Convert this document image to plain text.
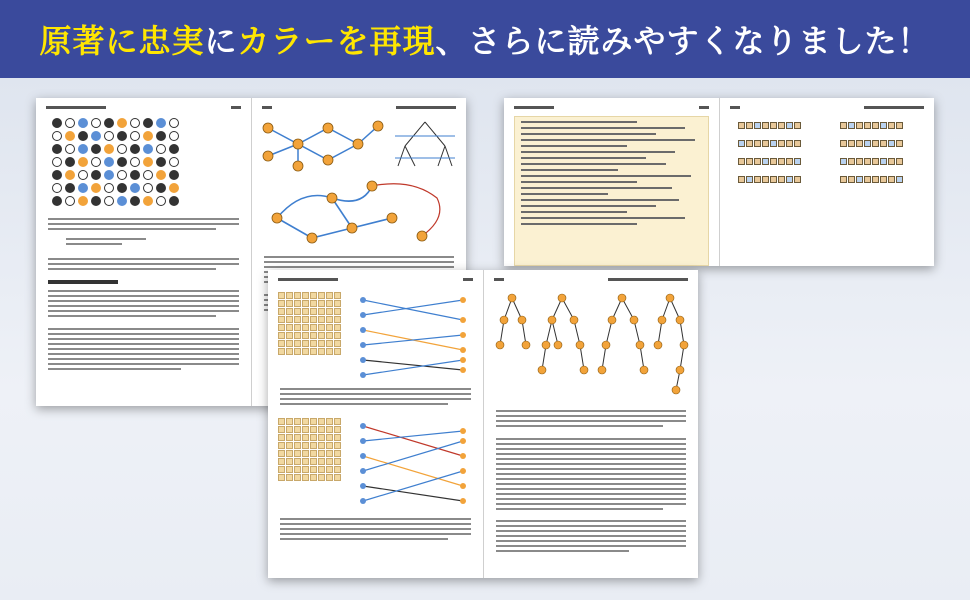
原著に忠実 に カラーを再現 、さらに 読みやすく なりました！
